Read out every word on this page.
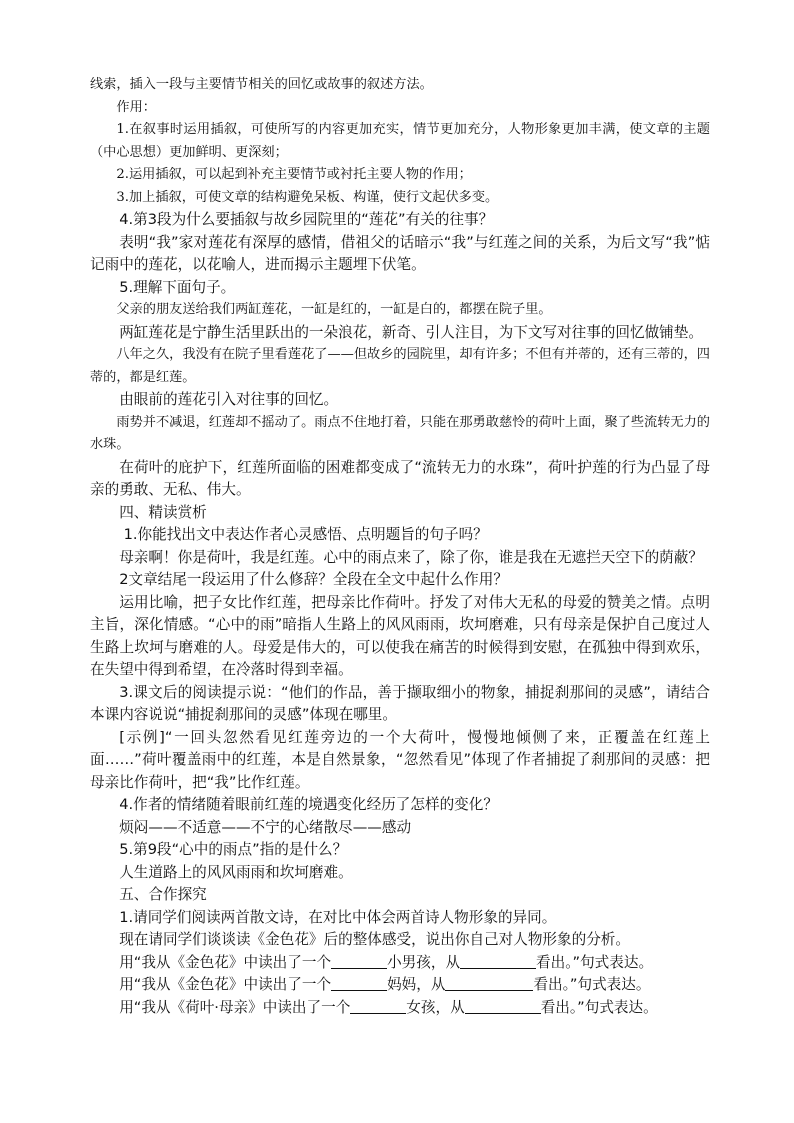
线索，插入一段与主要情节相关的回忆或故事的叙述方法。

作用：

1.在叙事时运用插叙，可使所写的内容更加充实，情节更加充分，人物形象更加丰满，使文章的主题（中心思想）更加鲜明、更深刻；

2.运用插叙，可以起到补充主要情节或衬托主要人物的作用；

3.加上插叙，可使文章的结构避免呆板、构谨，使行文起伏多变。

4.第3段为什么要插叙与故乡园院里的“莲花”有关的往事？

表明“我”家对莲花有深厚的感情，借祖父的话暗示“我”与红莲之间的关系，为后文写“我”惦记雨中的莲花，以花喻人，进而揭示主题埋下伏笔。

5.理解下面句子。

父亲的朋友送给我们两缸莲花，一缸是红的，一缸是白的，都摆在院子里。

两缸莲花是宁静生活里跃出的一朵浪花，新奇、引人注目，为下文写对往事的回忆做铺垫。

八年之久，我没有在院子里看莲花了——但故乡的园院里，却有许多；不但有并蒂的，还有三蒂的，四蒂的，都是红莲。

由眼前的莲花引入对往事的回忆。

雨势并不减退，红莲却不摇动了。雨点不住地打着，只能在那勇敢慈怜的荷叶上面，聚了些流转无力的水珠。

在荷叶的庇护下，红莲所面临的困难都变成了“流转无力的水珠”，荷叶护莲的行为凸显了母亲的勇敢、无私、伟大。

四、精读赏析

1.你能找出文中表达作者心灵感悟、点明题旨的句子吗？

母亲啊！你是荷叶，我是红莲。心中的雨点来了，除了你，谁是我在无遮拦天空下的荫蔽？

2文章结尾一段运用了什么修辞？全段在全文中起什么作用？

运用比喻，把子女比作红莲，把母亲比作荷叶。抒发了对伟大无私的母爱的赞美之情。点明主旨，深化情感。“心中的雨”暗指人生路上的风风雨雨，坎坷磨难，只有母亲是保护自己度过人生路上坎坷与磨难的人。母爱是伟大的，可以使我在痛苦的时候得到安慰，在孤独中得到欢乐，在失望中得到希望，在冷落时得到幸福。

3.课文后的阅读提示说：“他们的作品，善于撷取细小的物象，捕捉刹那间的灵感”，请结合本课内容说说“捕捉刹那间的灵感”体现在哪里。

[示例]“一回头忽然看见红莲旁边的一个大荷叶，慢慢地倾侧了来，正覆盖在红莲上面……”荷叶覆盖雨中的红莲，本是自然景象，“忽然看见”体现了作者捕捉了刹那间的灵感：把母亲比作荷叶，把“我”比作红莲。

4.作者的情绪随着眼前红莲的境遇变化经历了怎样的变化？

烦闷——不适意——不宁的心绪散尽——感动

5.第9段“心中的雨点”指的是什么？

人生道路上的风风雨雨和坎坷磨难。

五、合作探究

1.请同学们阅读两首散文诗，在对比中体会两首诗人物形象的异同。

现在请同学们谈谈读《金色花》后的整体感受，说出你自己对人物形象的分析。

用“我从《金色花》中读出了一个	小男孩，从	看出。”句式表达。

用“我从《金色花》中读出了一个	妈妈，从	看出。”句式表达。

用“我从《荷叶·母亲》中读出了一个	女孩，从	看出。”句式表达。
